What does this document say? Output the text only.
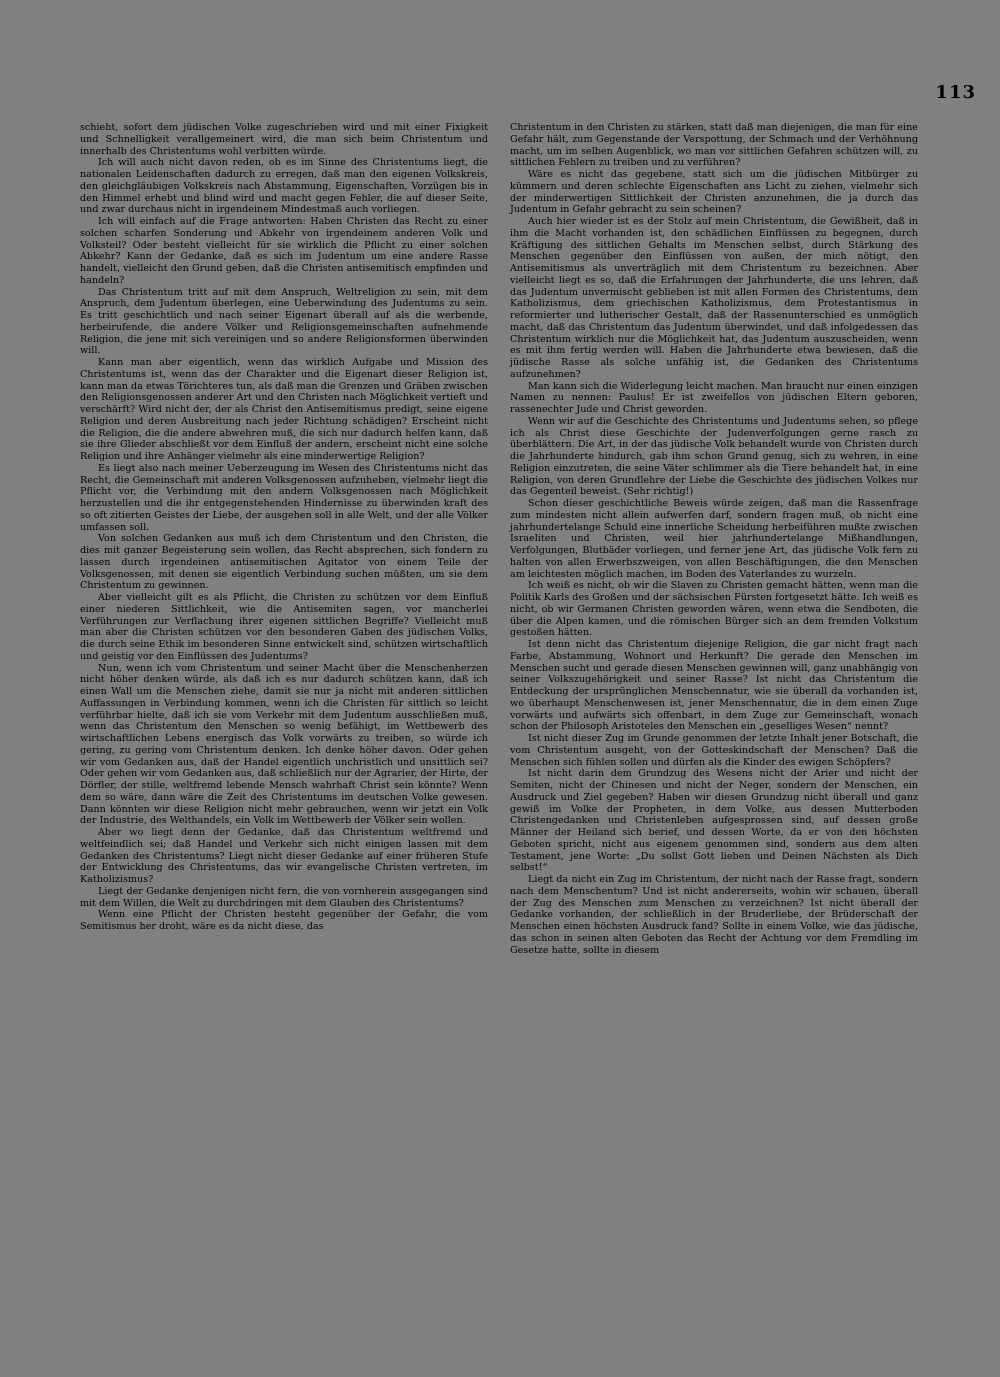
113

schieht, sofort dem jüdischen Volke zugeschrieben wird und mit einer Fixigkeit und Schnelligkeit verallgemeinert wird, die man sich beim Christentum und innerhalb des Christentums wohl verbitten würde.

Ich will auch nicht davon reden, ob es im Sinne des Christentums liegt, die nationalen Leidenschaften dadurch zu erregen, daß man den eigenen Volkskreis, den gleichgläubigen Volkskreis nach Abstammung, Eigenschaften, Vorzügen bis in den Himmel erhebt und blind wird und macht gegen Fehler, die auf dieser Seite, und zwar durchaus nicht in irgendeinem Mindestmaß auch vorliegen.

Ich will einfach auf die Frage antworten: Haben Christen das Recht zu einer solchen scharfen Sonderung und Abkehr von irgendeinem anderen Volk und Volksteil? Oder besteht vielleicht für sie wirklich die Pflicht zu einer solchen Abkehr? Kann der Gedanke, daß es sich im Judentum um eine andere Rasse handelt, vielleicht den Grund geben, daß die Christen antisemitisch empfinden und handeln?

Das Christentum tritt auf mit dem Anspruch, Weltreligion zu sein, mit dem Anspruch, dem Judentum überlegen, eine Ueberwindung des Judentums zu sein. Es tritt geschichtlich und nach seiner Eigenart überall auf als die werbende, herbeirufende, die andere Völker und Religionsgemeinschaften aufnehmende Religion, die jene mit sich vereinigen und so andere Religionsformen überwinden will.

Kann man aber eigentlich, wenn das wirklich Aufgabe und Mission des Christentums ist, wenn das der Charakter und die Eigenart dieser Religion ist, kann man da etwas Törichteres tun, als daß man die Grenzen und Gräben zwischen den Religionsgenossen anderer Art und den Christen nach Möglichkeit vertieft und verschärft? Wird nicht der, der als Christ den Antisemitismus predigt, seine eigene Religion und deren Ausbreitung nach jeder Richtung schädigen? Erscheint nicht die Religion, die die andere abwehren muß, die sich nur dadurch helfen kann, daß sie ihre Glieder abschließt vor dem Einfluß der andern, erscheint nicht eine solche Religion und ihre Anhänger vielmehr als eine minderwertige Religion?

Es liegt also nach meiner Ueberzeugung im Wesen des Christentums nicht das Recht, die Gemeinschaft mit anderen Volksgenossen aufzuheben, vielmehr liegt die Pflicht vor, die Verbindung mit den andern Volksgenossen nach Möglichkeit herzustellen und die ihr entgegenstehenden Hindernisse zu überwinden kraft des so oft zitierten Geistes der Liebe, der ausgehen soll in alle Welt, und der alle Völker umfassen soll.

Von solchen Gedanken aus muß ich dem Christentum und den Christen, die dies mit ganzer Begeisterung sein wollen, das Recht absprechen, sich fondern zu lassen durch irgendeinen antisemitischen Agitator von einem Teile der Volksgenossen, mit denen sie eigentlich Verbindung suchen müßten, um sie dem Christentum zu gewinnen.

Aber vielleicht gilt es als Pflicht, die Christen zu schützen vor dem Einfluß einer niederen Sittlichkeit, wie die Antisemiten sagen, vor mancherlei Verführungen zur Verflachung ihrer eigenen sittlichen Begriffe? Vielleicht muß man aber die Christen schützen vor den besonderen Gaben des jüdischen Volks, die durch seine Ethik im besonderen Sinne entwickelt sind, schützen wirtschaftlich und geistig vor den Einflüssen des Judentums?

Nun, wenn ich vom Christentum und seiner Macht über die Menschenherzen nicht höher denken würde, als daß ich es nur dadurch schützen kann, daß ich einen Wall um die Menschen ziehe, damit sie nur ja nicht mit anderen sittlichen Auffassungen in Verbindung kommen, wenn ich die Christen für sittlich so leicht verführbar hielte, daß ich sie vom Verkehr mit dem Judentum ausschließen muß, wenn das Christentum den Menschen so wenig befähigt, im Wettbewerb des wirtschaftlichen Lebens energisch das Volk vorwärts zu treiben, so würde ich gering, zu gering vom Christentum denken. Ich denke höher davon. Oder gehen wir vom Gedanken aus, daß der Handel eigentlich unchristlich und unsittlich sei? Oder gehen wir vom Gedanken aus, daß schließlich nur der Agrarier, der Hirte, der Dörfler, der stille, weltfremd lebende Mensch wahrhaft Christ sein könnte? Wenn dem so wäre, dann wäre die Zeit des Christentums im deutschen Volke gewesen. Dann könnten wir diese Religion nicht mehr gebrauchen, wenn wir jetzt ein Volk der Industrie, des Welthandels, ein Volk im Wettbewerb der Völker sein wollen.

Aber wo liegt denn der Gedanke, daß das Christentum weltfremd und weltfeindlich sei; daß Handel und Verkehr sich nicht einigen lassen mit dem Gedanken des Christentums? Liegt nicht dieser Gedanke auf einer früheren Stufe der Entwicklung des Christentums, das wir evangelische Christen vertreten, im Katholizismus?

Liegt der Gedanke denjenigen nicht fern, die von vornherein ausgegangen sind mit dem Willen, die Welt zu durchdringen mit dem Glauben des Christentums?

Wenn eine Pflicht der Christen besteht gegenüber der Gefahr, die vom Semitismus her droht, wäre es da nicht diese, das

Christentum in den Christen zu stärken, statt daß man diejenigen, die man für eine Gefahr hält, zum Gegenstande der Verspottung, der Schmach und der Verhöhnung macht, um im selben Augenblick, wo man vor sittlichen Gefahren schützen will, zu sittlichen Fehlern zu treiben und zu verführen?

Wäre es nicht das gegebene, statt sich um die jüdischen Mitbürger zu kümmern und deren schlechte Eigenschaften ans Licht zu ziehen, vielmehr sich der minderwertigen Sittlichkeit der Christen anzunehmen, die ja durch das Judentum in Gefahr gebracht zu sein scheinen?

Auch hier wieder ist es der Stolz auf mein Christentum, die Gewißheit, daß in ihm die Macht vorhanden ist, den schädlichen Einflüssen zu begegnen, durch Kräftigung des sittlichen Gehalts im Menschen selbst, durch Stärkung des Menschen gegenüber den Einflüssen von außen, der mich nötigt, den Antisemitismus als unverträglich mit dem Christentum zu bezeichnen. Aber vielleicht liegt es so, daß die Erfahrungen der Jahrhunderte, die uns lehren, daß das Judentum unvermischt geblieben ist mit allen Formen des Christentums, dem Katholizismus, dem griechischen Katholizismus, dem Protestantismus in reformierter und lutherischer Gestalt, daß der Rassenunterschied es unmöglich macht, daß das Christentum das Judentum überwindet, und daß infolgedessen das Christentum wirklich nur die Möglichkeit hat, das Judentum auszuscheiden, wenn es mit ihm fertig werden will. Haben die Jahrhunderte etwa bewiesen, daß die jüdische Rasse als solche unfähig ist, die Gedanken des Christentums aufzunehmen?

Man kann sich die Widerlegung leicht machen. Man braucht nur einen einzigen Namen zu nennen: Paulus! Er ist zweifellos von jüdischen Eltern geboren, rassenechter Jude und Christ geworden.

Wenn wir auf die Geschichte des Christentums und Judentums sehen, so pflege ich als Christ diese Geschichte der Judenverfolgungen gerne rasch zu überblättern. Die Art, in der das jüdische Volk behandelt wurde von Christen durch die Jahrhunderte hindurch, gab ihm schon Grund genug, sich zu wehren, in eine Religion einzutreten, die seine Väter schlimmer als die Tiere behandelt hat, in eine Religion, von deren Grundlehre der Liebe die Geschichte des jüdischen Volkes nur das Gegenteil beweist. (Sehr richtig!)

Schon dieser geschichtliche Beweis würde zeigen, daß man die Rassenfrage zum mindesten nicht allein aufwerfen darf, sondern fragen muß, ob nicht eine jahrhundertelange Schuld eine innerliche Scheidung herbeiführen mußte zwischen Israeliten und Christen, weil hier jahrhundertelange Mißhandlungen, Verfolgungen, Blutbäder vorliegen, und ferner jene Art, das jüdische Volk fern zu halten von allen Erwerbszweigen, von allen Beschäftigungen, die den Menschen am leichtesten möglich machen, im Boden des Vaterlandes zu wurzeln.

Ich weiß es nicht, ob wir die Slaven zu Christen gemacht hätten, wenn man die Politik Karls des Großen und der sächsischen Fürsten fortgesetzt hätte. Ich weiß es nicht, ob wir Germanen Christen geworden wären, wenn etwa die Sendboten, die über die Alpen kamen, und die römischen Bürger sich an dem fremden Volkstum gestoßen hätten.

Ist denn nicht das Christentum diejenige Religion, die gar nicht fragt nach Farbe, Abstammung, Wohnort und Herkunft? Die gerade den Menschen im Menschen sucht und gerade diesen Menschen gewinnen will, ganz unabhängig von seiner Volkszugehörigkeit und seiner Rasse? Ist nicht das Christentum die Entdeckung der ursprünglichen Menschennatur, wie sie überall da vorhanden ist, wo überhaupt Menschenwesen ist, jener Menschennatur, die in dem einen Zuge vorwärts und aufwärts sich offenbart, in dem Zuge zur Gemeinschaft, wonach schon der Philosoph Aristoteles den Menschen ein „geselliges Wesen“ nennt?

Ist nicht dieser Zug im Grunde genommen der letzte Inhalt jener Botschaft, die vom Christentum ausgeht, von der Gotteskindschaft der Menschen? Daß die Menschen sich fühlen sollen und dürfen als die Kinder des ewigen Schöpfers?

Ist nicht darin dem Grundzug des Wesens nicht der Arier und nicht der Semiten, nicht der Chinesen und nicht der Neger, sondern der Menschen, ein Ausdruck und Ziel gegeben? Haben wir diesen Grundzug nicht überall und ganz gewiß im Volke der Propheten, in dem Volke, aus dessen Mutterboden Christengedanken und Christenleben aufgesprossen sind, auf dessen große Männer der Heiland sich berief, und dessen Worte, da er von den höchsten Geboten spricht, nicht aus eigenem genommen sind, sondern aus dem alten Testament, jene Worte: „Du sollst Gott lieben und Deinen Nächsten als Dich selbst!“

Liegt da nicht ein Zug im Christentum, der nicht nach der Rasse fragt, sondern nach dem Menschentum? Und ist nicht andererseits, wohin wir schauen, überall der Zug des Menschen zum Menschen zu verzeichnen? Ist nicht überall der Gedanke vorhanden, der schließlich in der Bruderliebe, der Brüderschaft der Menschen einen höchsten Ausdruck fand? Sollte in einem Volke, wie das jüdische, das schon in seinen alten Geboten das Recht der Achtung vor dem Fremdling im Gesetze hatte, sollte in diesem
